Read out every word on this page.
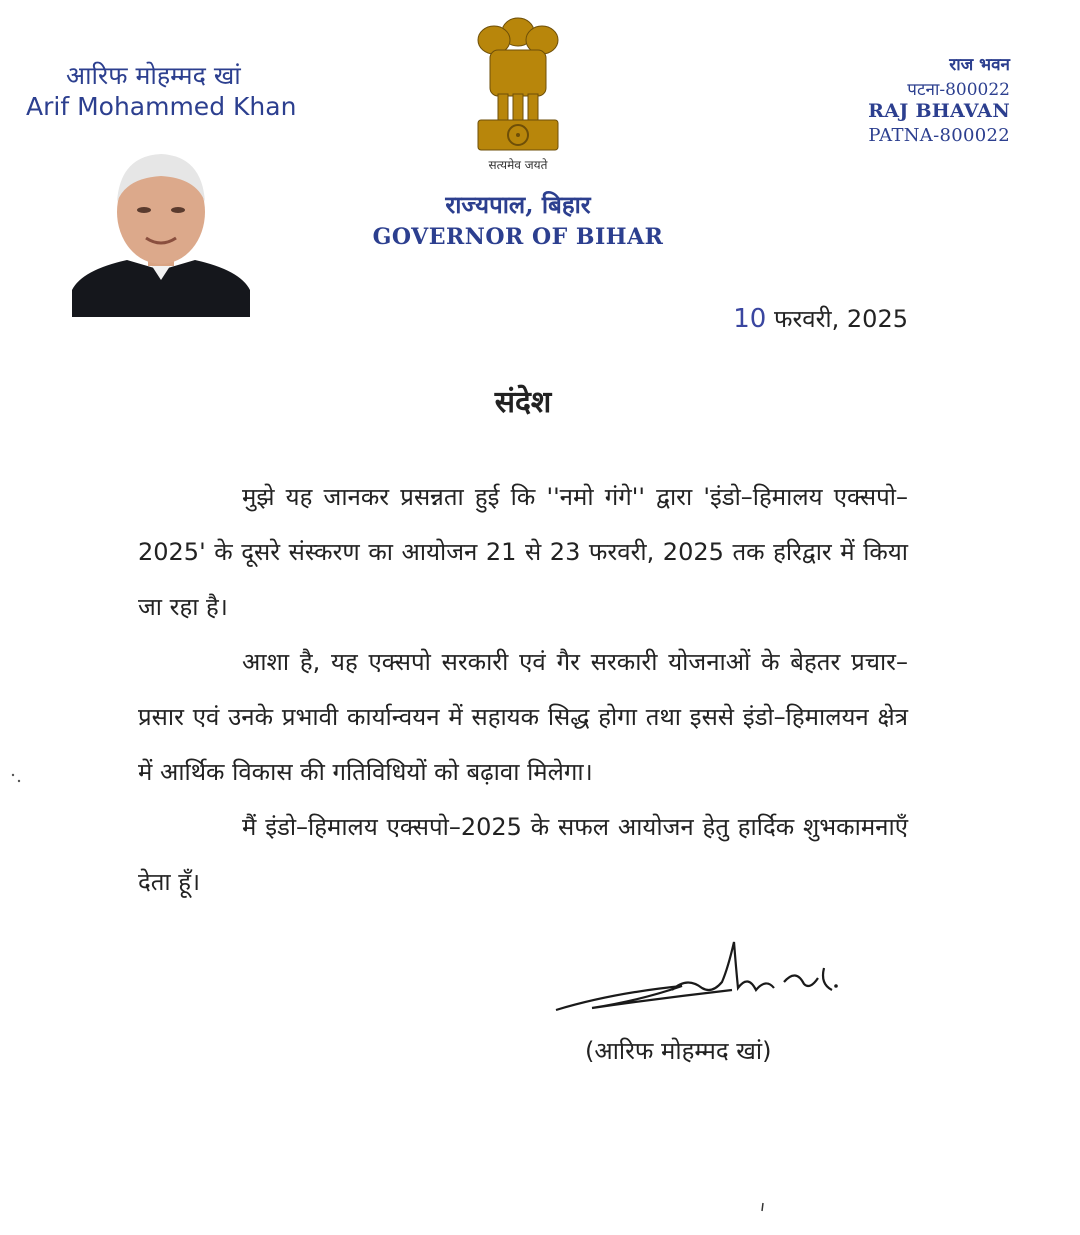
आरिफ मोहम्मद खां
Arif Mohammed Khan
सत्यमेव जयते
राज्यपाल, बिहार
GOVERNOR OF BIHAR
राज भवन
पटना-800022
RAJ BHAVAN
PATNA-800022
10 फरवरी, 2025
संदेश

मुझे यह जानकर प्रसन्नता हुई कि ''नमो गंगे'' द्वारा 'इंडो–हिमालय एक्सपो–2025' के दूसरे संस्करण का आयोजन 21 से 23 फरवरी, 2025 तक हरिद्वार में किया जा रहा है।

आशा है, यह एक्सपो सरकारी एवं गैर सरकारी योजनाओं के बेहतर प्रचार–प्रसार एवं उनके प्रभावी कार्यान्वयन में सहायक सिद्ध होगा तथा इससे इंडो–हिमालयन क्षेत्र में आर्थिक विकास की गतिविधियों को बढ़ावा मिलेगा।

मैं इंडो–हिमालय एक्सपो–2025 के सफल आयोजन हेतु हार्दिक शुभकामनाएँ देता हूँ।

(आरिफ मोहम्मद खां)
